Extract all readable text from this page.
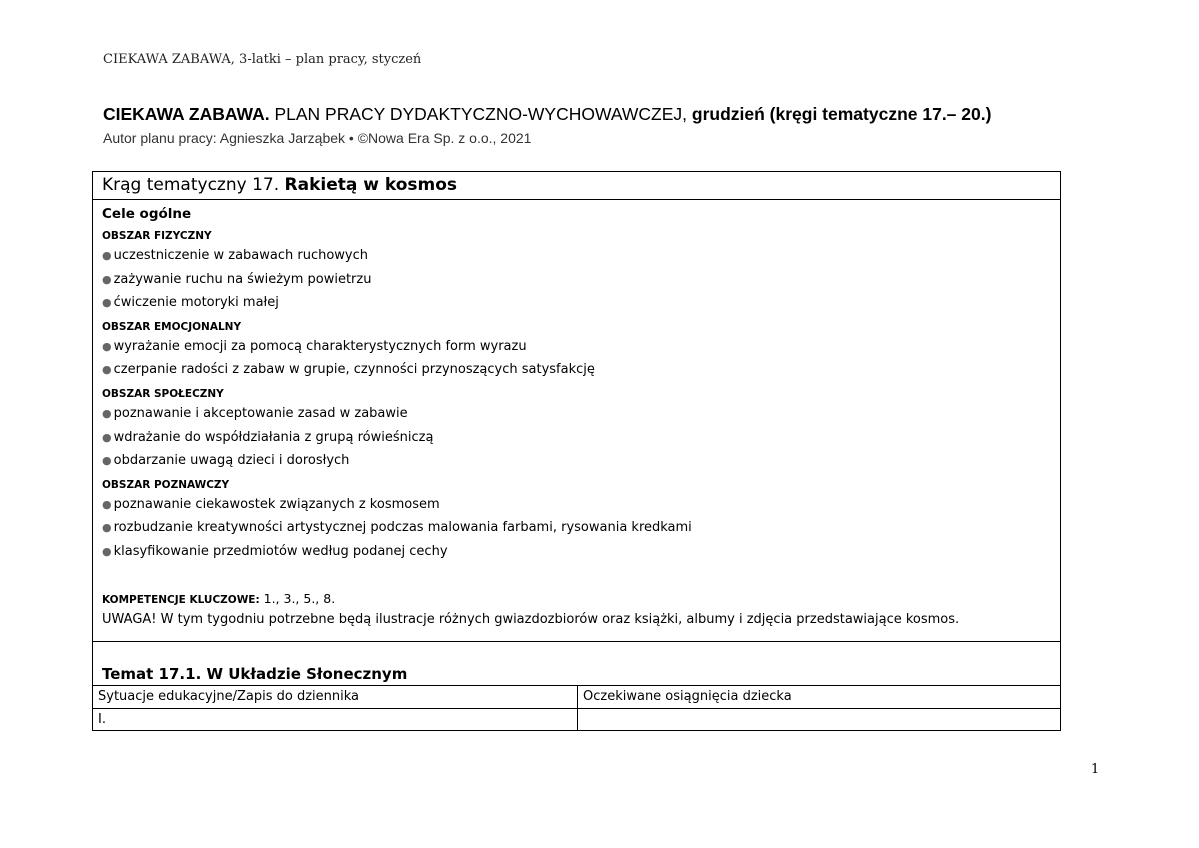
CIEKAWA ZABAWA, 3-latki – plan pracy, styczeń
CIEKAWA ZABAWA. PLAN PRACY DYDAKTYCZNO-WYCHOWAWCZEJ, grudzień (kręgi tematyczne 17.– 20.)
Autor planu pracy: Agnieszka Jarząbek • ©Nowa Era Sp. z o.o., 2021
Krąg tematyczny 17. Rakietą w kosmos
Cele ogólne
OBSZAR FIZYCZNY
● uczestniczenie w zabawach ruchowych
● zażywanie ruchu na świeżym powietrzu
● ćwiczenie motoryki małej
OBSZAR EMOCJONALNY
● wyrażanie emocji za pomocą charakterystycznych form wyrazu
● czerpanie radości z zabaw w grupie, czynności przynoszących satysfakcję
OBSZAR SPOŁECZNY
● poznawanie i akceptowanie zasad w zabawie
● wdrażanie do współdziałania z grupą rówieśniczą
● obdarzanie uwagą dzieci i dorosłych
OBSZAR POZNAWCZY
● poznawanie ciekawostek związanych z kosmosem
● rozbudzanie kreatywności artystycznej podczas malowania farbami, rysowania kredkami
● klasyfikowanie przedmiotów według podanej cechy
KOMPETENCJE KLUCZOWE: 1., 3., 5., 8.
UWAGA! W tym tygodniu potrzebne będą ilustracje różnych gwiazdozbiorów oraz książki, albumy i zdjęcia przedstawiające kosmos.
Temat 17.1. W Układzie Słonecznym
Sytuacje edukacyjne/Zapis do dziennika	Oczekiwane osiągnięcia dziecka
I.
1
